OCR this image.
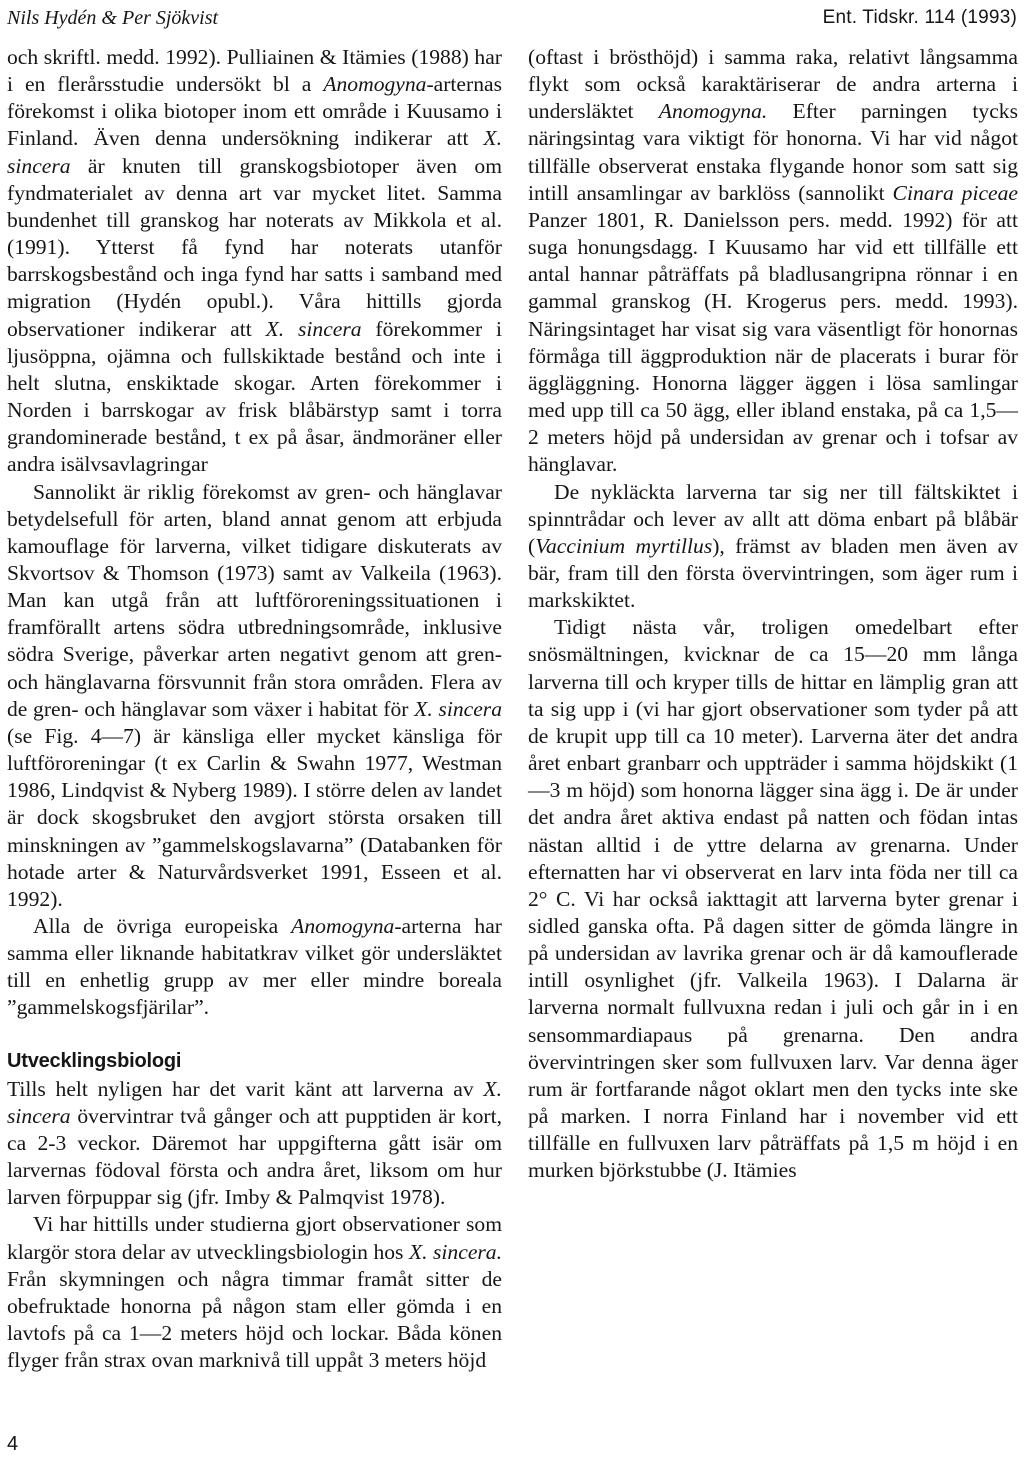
Nils Hydén & Per Sjökvist	Ent. Tidskr. 114 (1993)

och skriftl. medd. 1992). Pulliainen & Itämies (1988) har i en flerårsstudie undersökt bl a Anomogyna-arternas förekomst i olika biotoper inom ett område i Kuusamo i Finland. Även denna undersökning indikerar att X. sincera är knuten till granskogsbiotoper även om fyndmaterialet av denna art var mycket litet. Samma bundenhet till granskog har noterats av Mikkola et al. (1991). Ytterst få fynd har noterats utanför barrskogsbestånd och inga fynd har satts i samband med migration (Hydén opubl.). Våra hittills gjorda observationer indikerar att X. sincera förekommer i ljusöppna, ojämna och fullskiktade bestånd och inte i helt slutna, enskiktade skogar. Arten förekommer i Norden i barrskogar av frisk blåbärstyp samt i torra grandominerade bestånd, t ex på åsar, ändmoräner eller andra isälvsavlagringar

Sannolikt är riklig förekomst av gren- och hänglavar betydelsefull för arten, bland annat genom att erbjuda kamouflage för larverna, vilket tidigare diskuterats av Skvortsov & Thomson (1973) samt av Valkeila (1963). Man kan utgå från att luftföroreningssituationen i framförallt artens södra utbredningsområde, inklusive södra Sverige, påverkar arten negativt genom att gren- och hänglavarna försvunnit från stora områden. Flera av de gren- och hänglavar som växer i habitat för X. sincera (se Fig. 4—7) är känsliga eller mycket känsliga för luftföroreningar (t ex Carlin & Swahn 1977, Westman 1986, Lindqvist & Nyberg 1989). I större delen av landet är dock skogsbruket den avgjort största orsaken till minskningen av ”gammelskogslavarna” (Databanken för hotade arter & Naturvårdsverket 1991, Esseen et al. 1992).

Alla de övriga europeiska Anomogyna-arterna har samma eller liknande habitatkrav vilket gör undersläktet till en enhetlig grupp av mer eller mindre boreala ”gammelskogsfjärilar”.

Utvecklingsbiologi

Tills helt nyligen har det varit känt att larverna av X. sincera övervintrar två gånger och att pupptiden är kort, ca 2-3 veckor. Däremot har uppgifterna gått isär om larvernas födoval första och andra året, liksom om hur larven förpuppar sig (jfr. Imby & Palmqvist 1978).

Vi har hittills under studierna gjort observationer som klargör stora delar av utvecklingsbiologin hos X. sincera. Från skymningen och några timmar framåt sitter de obefruktade honorna på någon stam eller gömda i en lavtofs på ca 1—2 meters höjd och lockar. Båda könen flyger från strax ovan marknivå till uppåt 3 meters höjd

(oftast i brösthöjd) i samma raka, relativt långsamma flykt som också karaktäriserar de andra arterna i undersläktet Anomogyna. Efter parningen tycks näringsintag vara viktigt för honorna. Vi har vid något tillfälle observerat enstaka flygande honor som satt sig intill ansamlingar av barklöss (sannolikt Cinara piceae Panzer 1801, R. Danielsson pers. medd. 1992) för att suga honungsdagg. I Kuusamo har vid ett tillfälle ett antal hannar påträffats på bladlusangripna rönnar i en gammal granskog (H. Krogerus pers. medd. 1993). Näringsintaget har visat sig vara väsentligt för honornas förmåga till äggproduktion när de placerats i burar för äggläggning. Honorna lägger äggen i lösa samlingar med upp till ca 50 ägg, eller ibland enstaka, på ca 1,5—2 meters höjd på undersidan av grenar och i tofsar av hänglavar.

De nykläckta larverna tar sig ner till fältskiktet i spinntrådar och lever av allt att döma enbart på blåbär (Vaccinium myrtillus), främst av bladen men även av bär, fram till den första övervintringen, som äger rum i markskiktet.

Tidigt nästa vår, troligen omedelbart efter snösmältningen, kvicknar de ca 15—20 mm långa larverna till och kryper tills de hittar en lämplig gran att ta sig upp i (vi har gjort observationer som tyder på att de krupit upp till ca 10 meter). Larverna äter det andra året enbart granbarr och uppträder i samma höjdskikt (1—3 m höjd) som honorna lägger sina ägg i. De är under det andra året aktiva endast på natten och födan intas nästan alltid i de yttre delarna av grenarna. Under efternatten har vi observerat en larv inta föda ner till ca 2° C. Vi har också iakttagit att larverna byter grenar i sidled ganska ofta. På dagen sitter de gömda längre in på undersidan av lavrika grenar och är då kamouflerade intill osynlighet (jfr. Valkeila 1963). I Dalarna är larverna normalt fullvuxna redan i juli och går in i en sensommardiapaus på grenarna. Den andra övervintringen sker som fullvuxen larv. Var denna äger rum är fortfarande något oklart men den tycks inte ske på marken. I norra Finland har i november vid ett tillfälle en fullvuxen larv påträffats på 1,5 m höjd i en murken björkstubbe (J. Itämies

4
